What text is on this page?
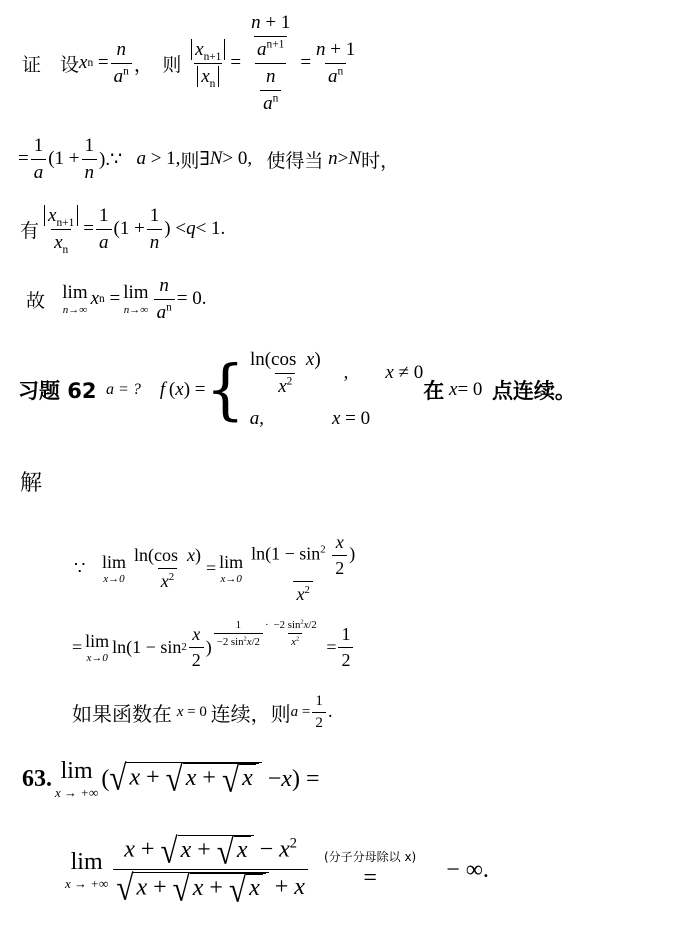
证
设 x $n = \frac{n}{a^n}$ ， 则
$\frac{x_{n+1}}{x_n} = \frac{\frac{n + 1}{a^{n+1}}}{\frac{n}{a^n}} = \frac{n + 1}{a^n}$
= $\frac{1}{a} (1 + \frac{1}{n}$ ).∵ a > 1, 则 ∃ N > 0, 使得当
n > N 时，
有 $\frac{x_{n+1}}{x_n} = \frac{1}{a} (1 + \frac{1}{n}$ ) < q < 1.
故
lim
n→∞
x n = lim
$n\to\infty \frac{n}{a^n} = 0$.
习题 62
a = ?
f  ( x ) = { $\frac{\text{ln(cos  x)}}{x^2}$ , x ≠ 0
a,	x = 0
在
x = 0 点连续。
解
∵ lim
$x\to 0 \frac{\text{ln(cos  x)}}{x^2} = \lim$
$x\to 0 \frac{\ln(1 - \sin^2 \frac{x}{2} )}{x^2}$
= lim
x→0
$\ln(1 - \sin 2 \frac{x}{2}$ ) $\frac{1}{-2 \sin^2x/2} \cdot \frac{-2 \sin^2x/2}{x^2} = \frac{1}{2}$
如果函数在
x = 0 连续，则 $a = \frac{1}{2}$ .
63 . lim
x → +∞
( √ x + √ x + √ x − x ) =
lim
x → +∞ $\frac{x + √ x + √ x - x^2}{√ x + √ x + √ x + x}$ (分子分母除以 x)
=
	− ∞.
